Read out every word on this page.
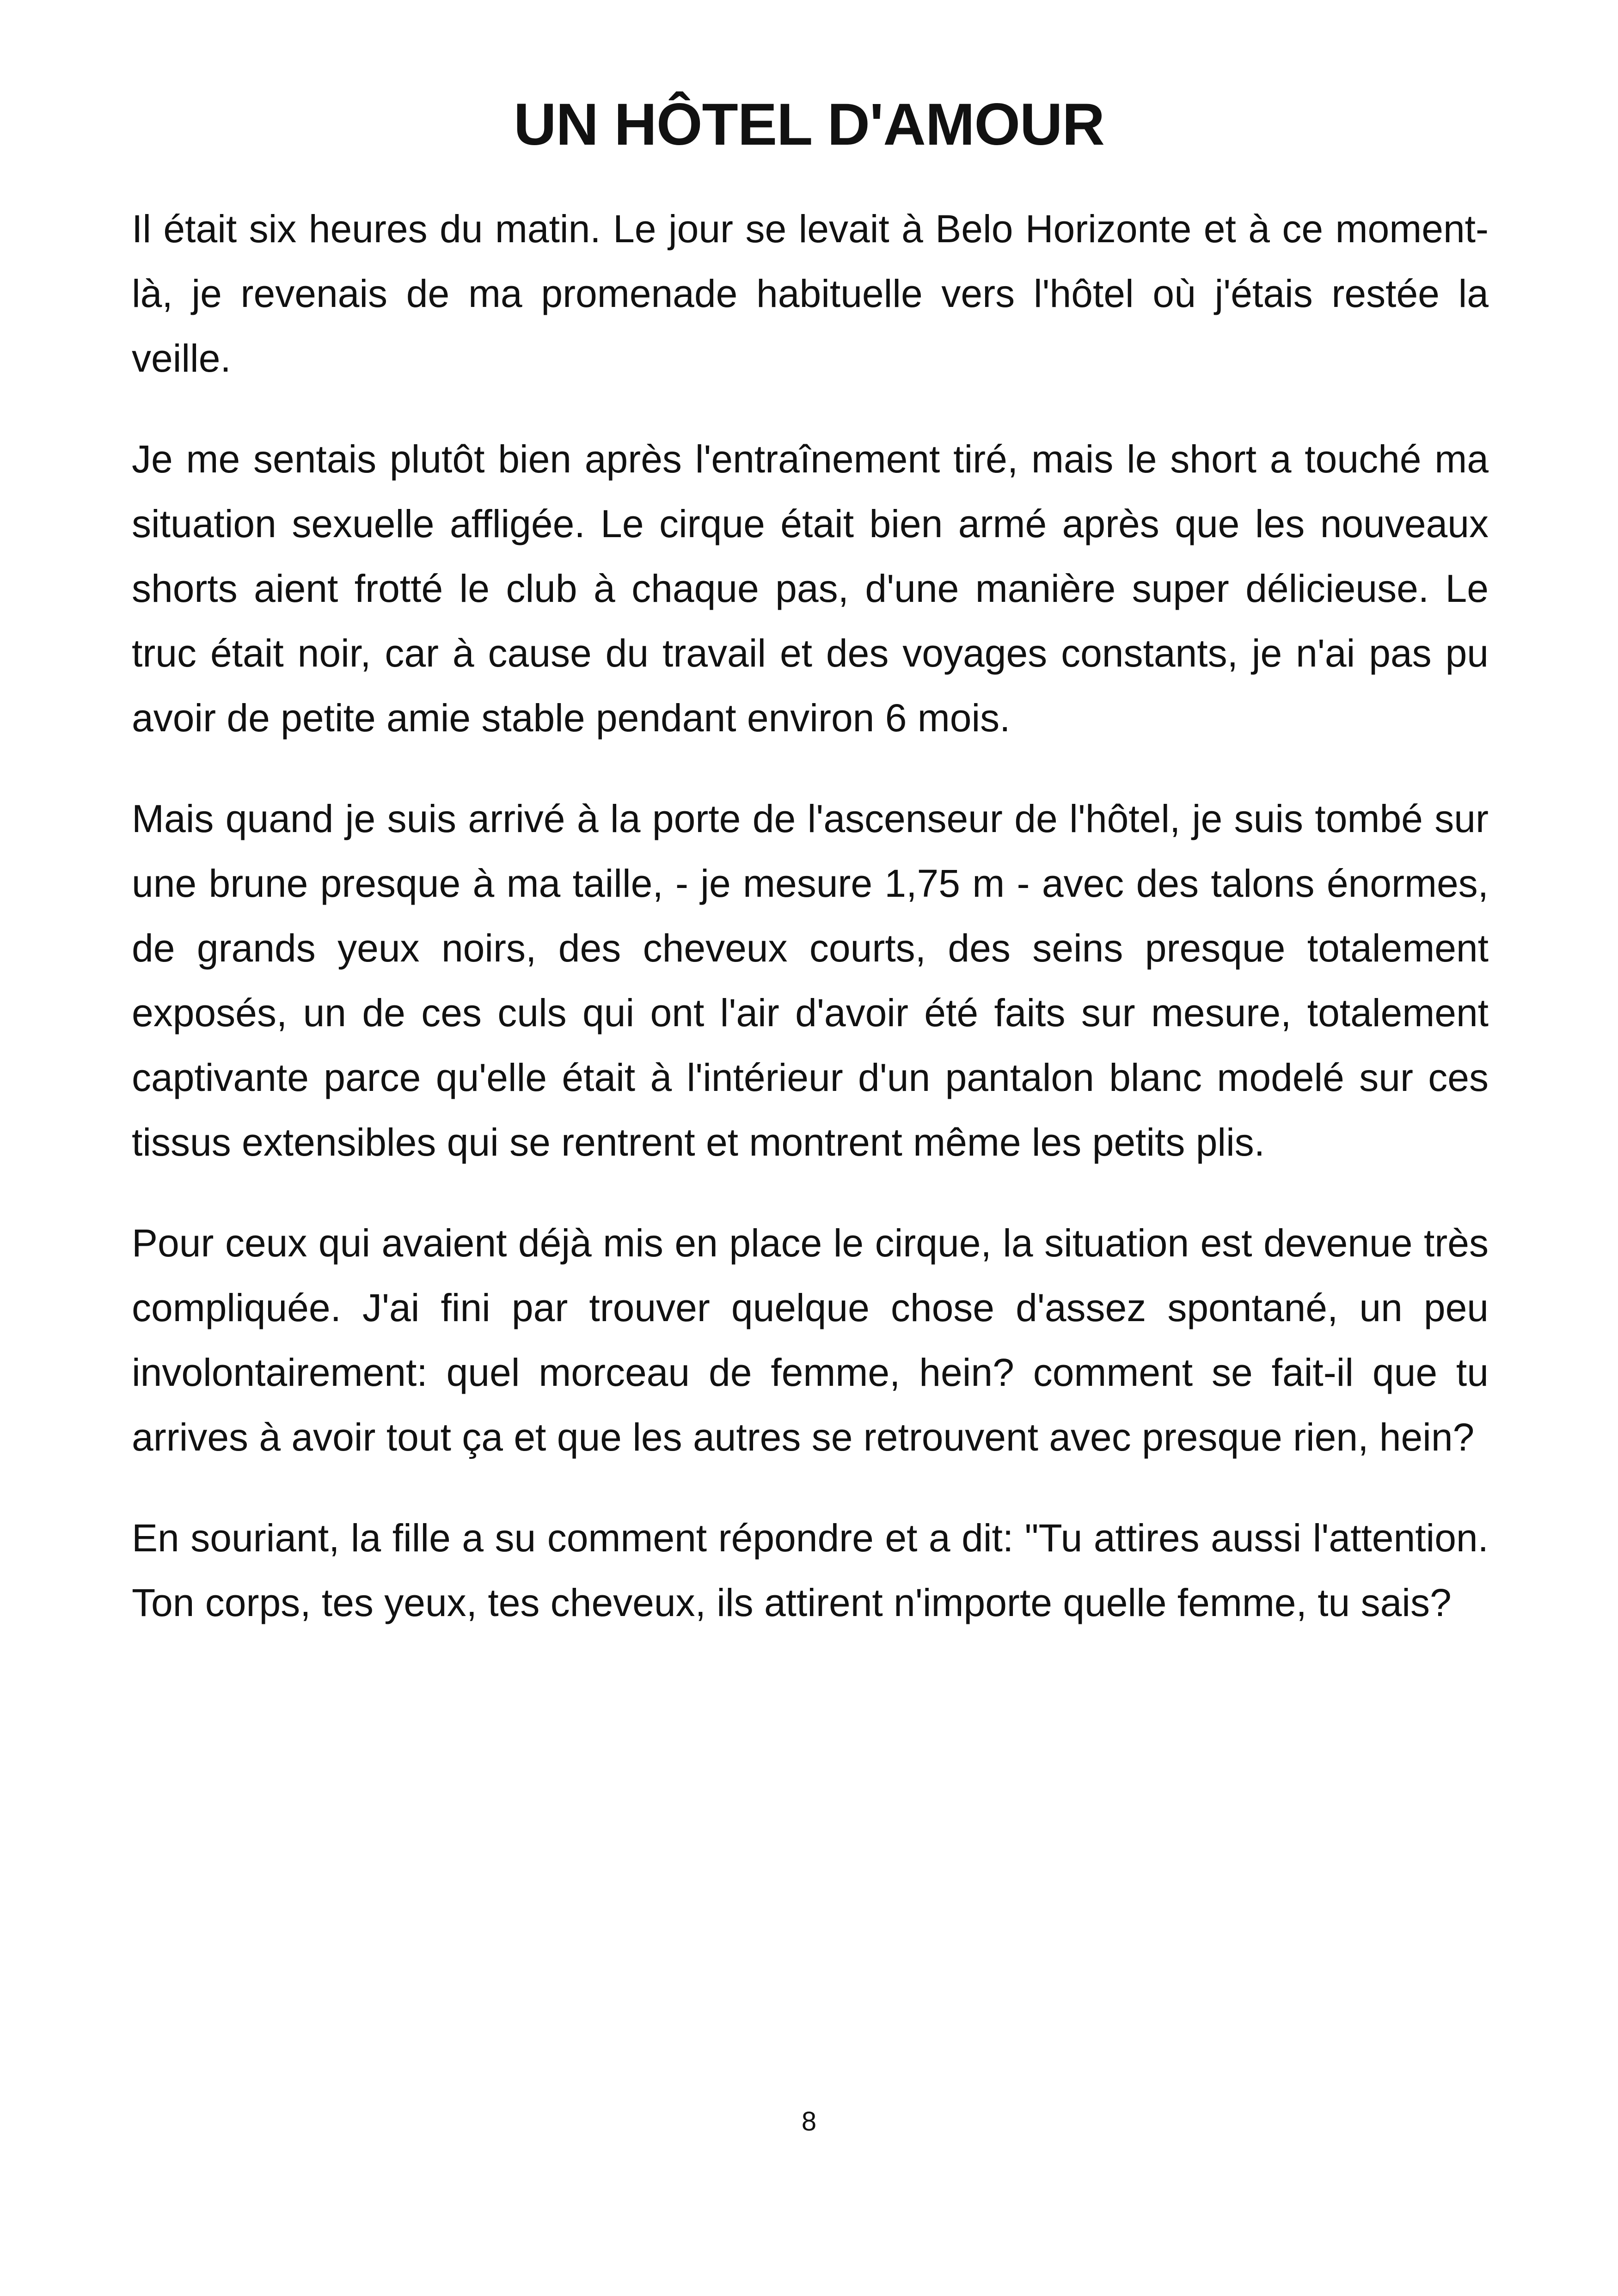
UN HÔTEL D'AMOUR

Il était six heures du matin. Le jour se levait à Belo Horizonte et à ce moment-là, je revenais de ma promenade habituelle vers l'hôtel où j'étais restée la veille.

Je me sentais plutôt bien après l'entraînement tiré, mais le short a touché ma situation sexuelle affligée. Le cirque était bien armé après que les nouveaux shorts aient frotté le club à chaque pas, d'une manière super délicieuse. Le truc était noir, car à cause du travail et des voyages constants, je n'ai pas pu avoir de petite amie stable pendant environ 6 mois.

Mais quand je suis arrivé à la porte de l'ascenseur de l'hôtel, je suis tombé sur une brune presque à ma taille, - je mesure 1,75 m - avec des talons énormes, de grands yeux noirs, des cheveux courts, des seins presque totalement exposés, un de ces culs qui ont l'air d'avoir été faits sur mesure, totalement captivante parce qu'elle était à l'intérieur d'un pantalon blanc modelé sur ces tissus extensibles qui se rentrent et montrent même les petits plis.

Pour ceux qui avaient déjà mis en place le cirque, la situation est devenue très compliquée. J'ai fini par trouver quelque chose d'assez spontané, un peu involontairement: quel morceau de femme, hein? comment se fait-il que tu arrives à avoir tout ça et que les autres se retrouvent avec presque rien, hein?

En souriant, la fille a su comment répondre et a dit: "Tu attires aussi l'attention. Ton corps, tes yeux, tes cheveux, ils attirent n'importe quelle femme, tu sais?

8
